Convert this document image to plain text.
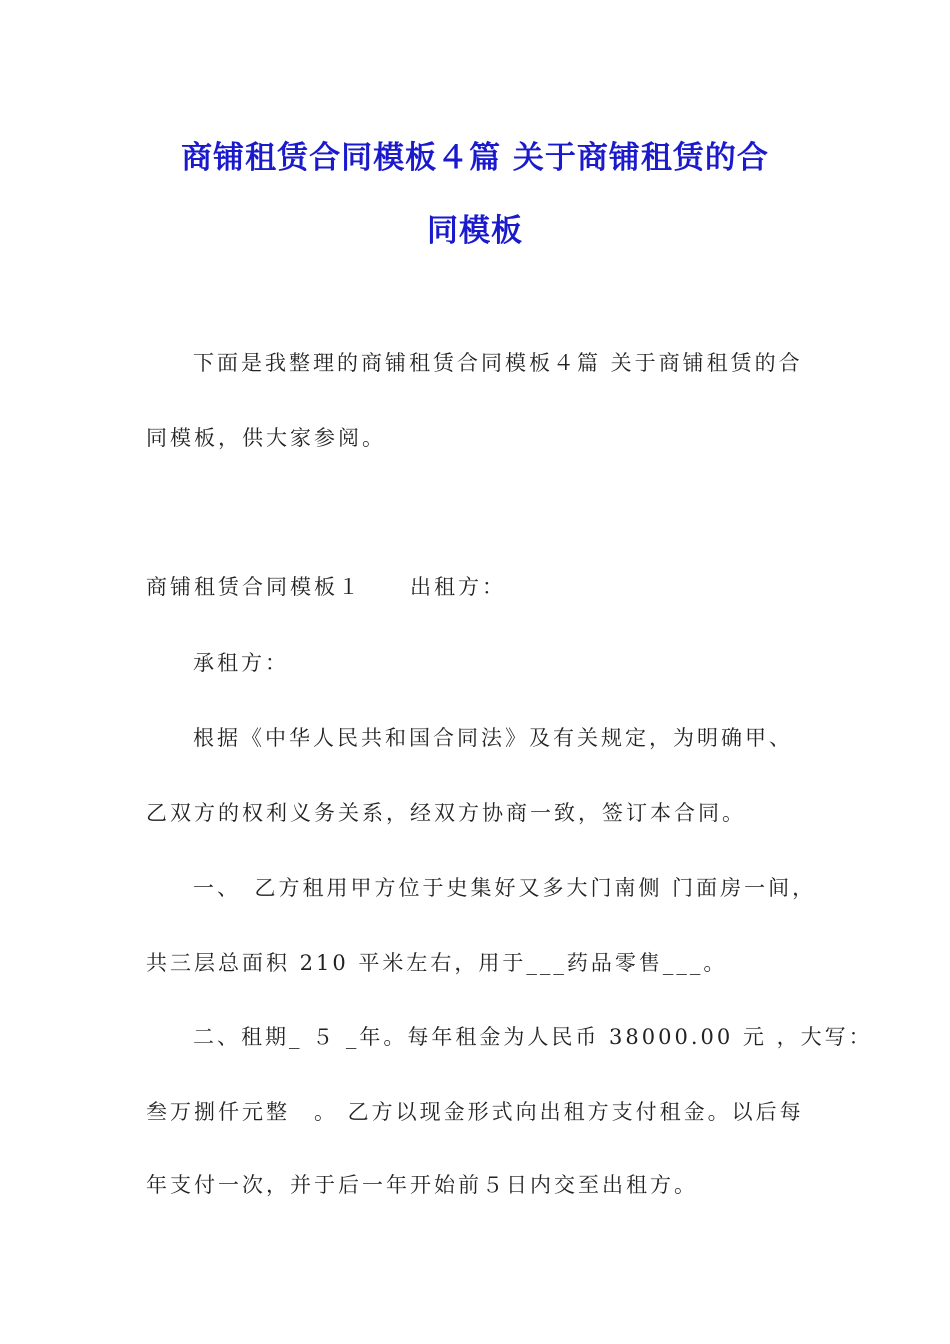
商铺租赁合同模板４篇 关于商铺租赁的合
同模板
下面是我整理的商铺租赁合同模板４篇 关于商铺租赁的合
同模板，供大家参阅。
商铺租赁合同模板１　　出租方：
承租方：
根据《中华人民共和国合同法》及有关规定，为明确甲、
乙双方的权利义务关系，经双方协商一致，签订本合同。
一、　乙方租用甲方位于史集好又多大门南侧 门面房一间，
共三层总面积 210 平米左右，用于___药品零售___。
二、租期_ ５ _年。每年租金为人民币 38000.00 元 ，大写：
叁万捌仟元整　。 乙方以现金形式向出租方支付租金。以后每
年支付一次，并于后一年开始前５日内交至出租方。
